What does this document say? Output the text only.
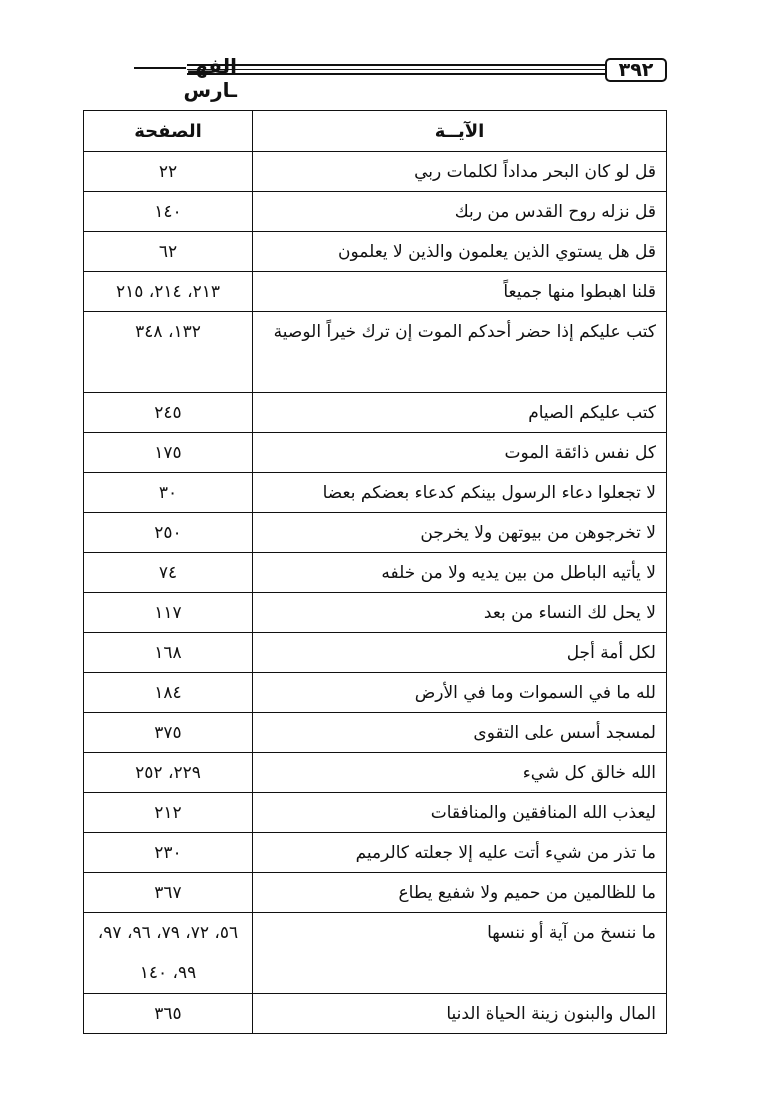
٣٩٢
الفهــارس
الآيــة	الصفحة
قل لو كان البحر مداداً لكلمات ربي	٢٢
قل نزله روح القدس من ربك	١٤٠
قل هل يستوي الذين يعلمون والذين لا يعلمون	٦٢
قلنا اهبطوا منها جميعاً	٢١٣، ٢١٤، ٢١٥
كتب عليكم إذا حضر أحدكم الموت إن ترك خيراً الوصية	١٣٢، ٣٤٨
كتب عليكم الصيام	٢٤٥
كل نفس ذائقة الموت	١٧٥
لا تجعلوا دعاء الرسول بينكم كدعاء بعضكم بعضا	٣٠
لا تخرجوهن من بيوتهن ولا يخرجن	٢٥٠
لا يأتيه الباطل من بين يديه ولا من خلفه	٧٤
لا يحل لك النساء من بعد	١١٧
لكل أمة أجل	١٦٨
لله ما في السموات وما في الأرض	١٨٤
لمسجد أسس على التقوى	٣٧٥
الله خالق كل شيء	٢٢٩، ٢٥٢
ليعذب الله المنافقين والمنافقات	٢١٢
ما تذر من شيء أتت عليه إلا جعلته كالرميم	٢٣٠
ما للظالمين من حميم ولا شفيع يطاع	٣٦٧
ما ننسخ من آية أو ننسها	٥٦، ٧٢، ٧٩، ٩٦، ٩٧، ٩٩، ١٤٠
المال والبنون زينة الحياة الدنيا	٣٦٥
